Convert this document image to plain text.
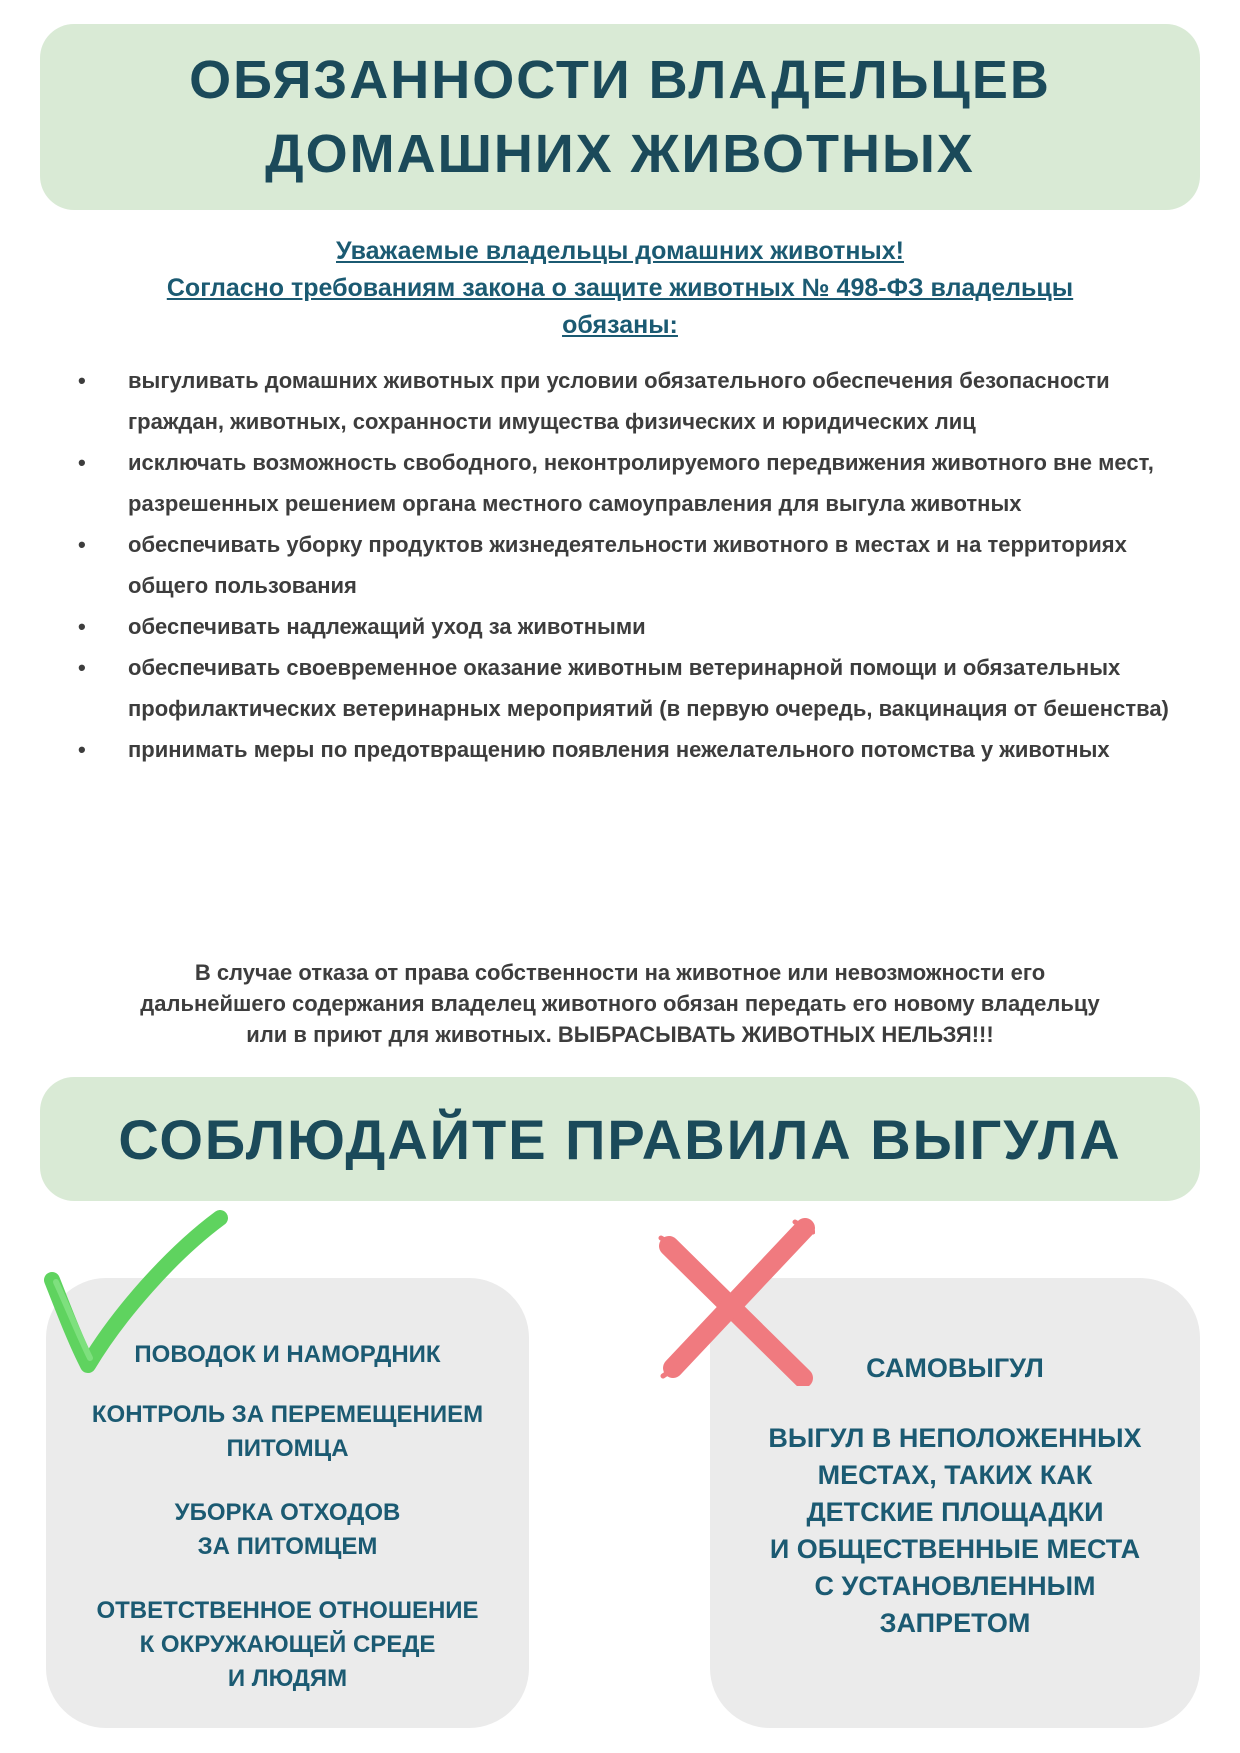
ОБЯЗАННОСТИ ВЛАДЕЛЬЦЕВ
ДОМАШНИХ ЖИВОТНЫХ
Уважаемые владельцы домашних животных!
Согласно требованиям закона о защите животных № 498-ФЗ владельцы
обязаны:
• выгуливать домашних животных при условии обязательного обеспечения безопасности граждан, животных, сохранности имущества физических и юридических лиц
• исключать возможность свободного, неконтролируемого передвижения животного вне мест, разрешенных решением органа местного самоуправления для выгула животных
• обеспечивать уборку продуктов жизнедеятельности животного в местах и на территориях общего пользования
• обеспечивать надлежащий уход за животными
• обеспечивать своевременное оказание животным ветеринарной помощи и обязательных профилактических ветеринарных мероприятий (в первую очередь, вакцинация от бешенства)
• принимать меры по предотвращению появления нежелательного потомства у животных
В случае отказа от права собственности на животное или невозможности его
дальнейшего содержания владелец животного обязан передать его новому владельцу
или в приют для животных. ВЫБРАСЫВАТЬ ЖИВОТНЫХ НЕЛЬЗЯ!!!
СОБЛЮДАЙТЕ ПРАВИЛА ВЫГУЛА
ПОВОДОК И НАМОРДНИК
КОНТРОЛЬ ЗА ПЕРЕМЕЩЕНИЕМ
ПИТОМЦА
УБОРКА ОТХОДОВ
ЗА ПИТОМЦЕМ
ОТВЕТСТВЕННОЕ ОТНОШЕНИЕ
К ОКРУЖАЮЩЕЙ СРЕДЕ
И ЛЮДЯМ
САМОВЫГУЛ
ВЫГУЛ В НЕПОЛОЖЕННЫХ
МЕСТАХ, ТАКИХ КАК
ДЕТСКИЕ ПЛОЩАДКИ
И ОБЩЕСТВЕННЫЕ МЕСТА
С УСТАНОВЛЕННЫМ
ЗАПРЕТОМ
